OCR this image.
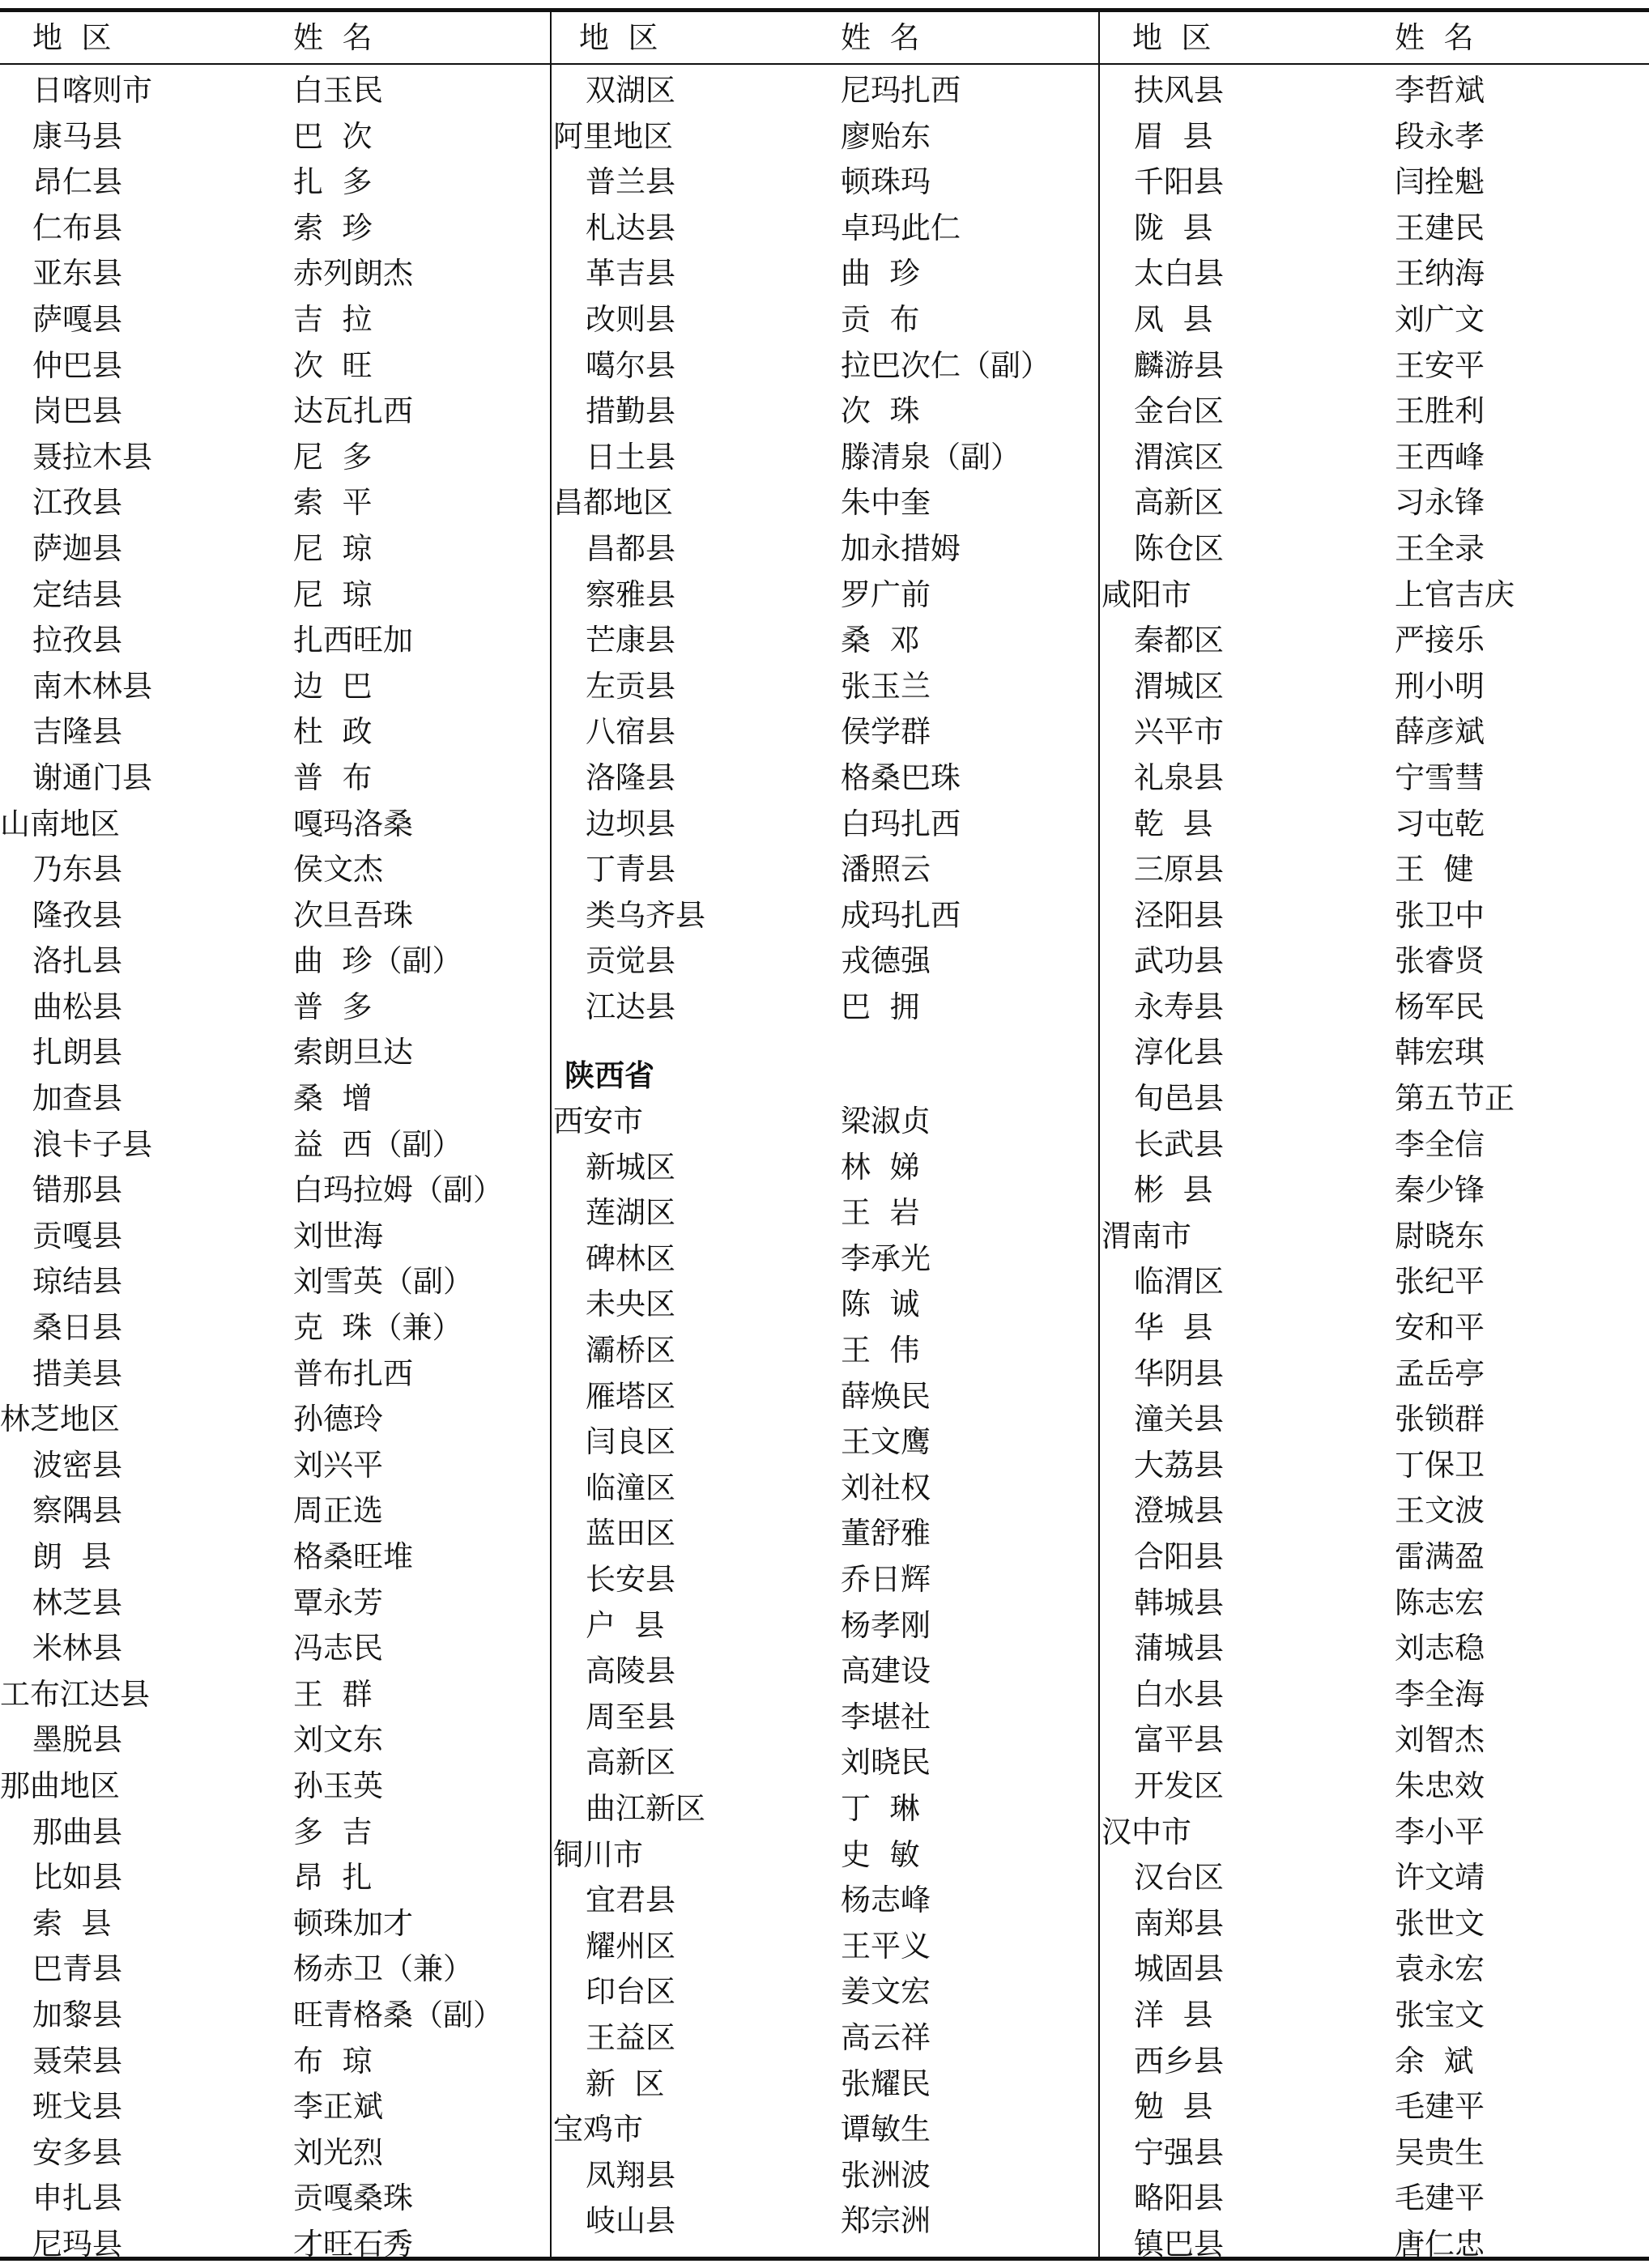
地  区	姓  名
日喀则市	白玉民
康马县	巴  次
昂仁县	扎  多
仁布县	索  珍
亚东县	赤列朗杰
萨嘎县	吉  拉
仲巴县	次  旺
岗巴县	达瓦扎西
聂拉木县	尼  多
江孜县	索  平
萨迦县	尼  琼
定结县	尼  琼
拉孜县	扎西旺加
南木林县	边  巴
吉隆县	杜  政
谢通门县	普  布
山南地区	嘎玛洛桑
乃东县	侯文杰
隆孜县	次旦吾珠
洛扎县	曲  珍（副）
曲松县	普  多
扎朗县	索朗旦达
加查县	桑  增
浪卡子县	益  西（副）
错那县	白玛拉姆（副）
贡嘎县	刘世海
琼结县	刘雪英（副）
桑日县	克  珠（兼）
措美县	普布扎西
林芝地区	孙德玲
波密县	刘兴平
察隅县	周正选
朗  县	格桑旺堆
林芝县	覃永芳
米林县	冯志民
工布江达县	王  群
墨脱县	刘文东
那曲地区	孙玉英
那曲县	多  吉
比如县	昂  扎
索  县	顿珠加才
巴青县	杨赤卫（兼）
加黎县	旺青格桑（副）
聂荣县	布  琼
班戈县	李正斌
安多县	刘光烈
申扎县	贡嘎桑珠
尼玛县	才旺石秀
地  区	姓  名
双湖区	尼玛扎西
阿里地区	廖贻东
普兰县	顿珠玛
札达县	卓玛此仁
革吉县	曲  珍
改则县	贡  布
噶尔县	拉巴次仁（副）
措勤县	次  珠
日土县	滕清泉（副）
昌都地区	朱中奎
昌都县	加永措姆
察雅县	罗广前
芒康县	桑  邓
左贡县	张玉兰
八宿县	侯学群
洛隆县	格桑巴珠
边坝县	白玛扎西
丁青县	潘照云
类乌齐县	成玛扎西
贡觉县	戎德强
江达县	巴  拥
陕西省
西安市	梁淑贞
新城区	林  娣
莲湖区	王  岩
碑林区	李承光
未央区	陈  诚
灞桥区	王  伟
雁塔区	薛焕民
闫良区	王文鹰
临潼区	刘社权
蓝田区	董舒雅
长安县	乔日辉
户  县	杨孝刚
高陵县	高建设
周至县	李堪社
高新区	刘晓民
曲江新区	丁  琳
铜川市	史  敏
宜君县	杨志峰
耀州区	王平义
印台区	姜文宏
王益区	高云祥
新  区	张耀民
宝鸡市	谭敏生
凤翔县	张洲波
岐山县	郑宗洲
地  区	姓  名
扶风县	李哲斌
眉  县	段永孝
千阳县	闫拴魁
陇  县	王建民
太白县	王纳海
凤  县	刘广文
麟游县	王安平
金台区	王胜利
渭滨区	王西峰
高新区	习永锋
陈仓区	王全录
咸阳市	上官吉庆
秦都区	严接乐
渭城区	刑小明
兴平市	薛彦斌
礼泉县	宁雪彗
乾  县	习屯乾
三原县	王  健
泾阳县	张卫中
武功县	张睿贤
永寿县	杨军民
淳化县	韩宏琪
旬邑县	第五节正
长武县	李全信
彬  县	秦少锋
渭南市	尉晓东
临渭区	张纪平
华  县	安和平
华阴县	孟岳亭
潼关县	张锁群
大荔县	丁保卫
澄城县	王文波
合阳县	雷满盈
韩城县	陈志宏
蒲城县	刘志稳
白水县	李全海
富平县	刘智杰
开发区	朱忠效
汉中市	李小平
汉台区	许文靖
南郑县	张世文
城固县	袁永宏
洋  县	张宝文
西乡县	余  斌
勉  县	毛建平
宁强县	吴贵生
略阳县	毛建平
镇巴县	唐仁忠
